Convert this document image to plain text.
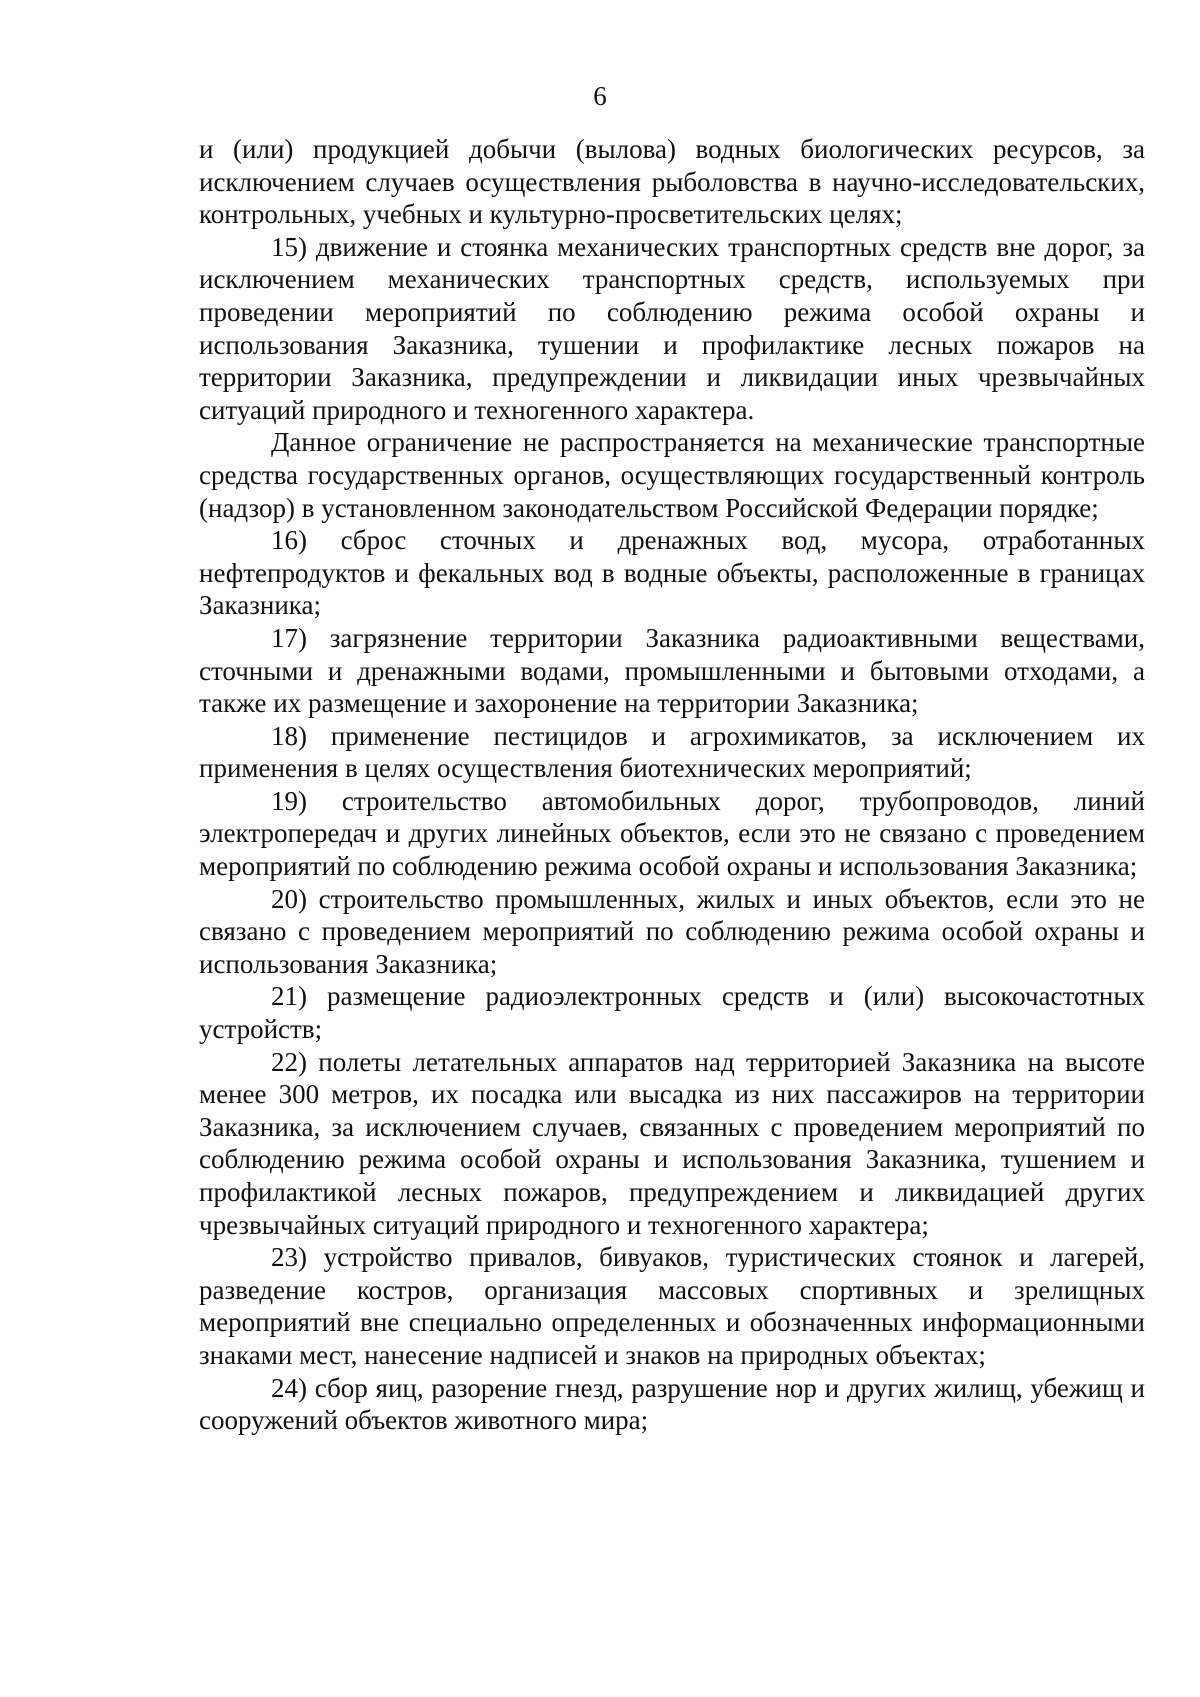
6

и (или) продукцией добычи (вылова) водных биологических ресурсов, за исключением случаев осуществления рыболовства в научно-исследовательских, контрольных, учебных и культурно-просветительских целях;

15) движение и стоянка механических транспортных средств вне дорог, за исключением механических транспортных средств, используемых при проведении мероприятий по соблюдению режима особой охраны и использования Заказника, тушении и профилактике лесных пожаров на территории Заказника, предупреждении и ликвидации иных чрезвычайных ситуаций природного и техногенного характера.

Данное ограничение не распространяется на механические транспортные средства государственных органов, осуществляющих государственный контроль (надзор) в установленном законодательством Российской Федерации порядке;

16) сброс сточных и дренажных вод, мусора, отработанных нефтепродуктов и фекальных вод в водные объекты, расположенные в границах Заказника;

17) загрязнение территории Заказника радиоактивными веществами, сточными и дренажными водами, промышленными и бытовыми отходами, а также их размещение и захоронение на территории Заказника;

18) применение пестицидов и агрохимикатов, за исключением их применения в целях осуществления биотехнических мероприятий;

19) строительство автомобильных дорог, трубопроводов, линий электропередач и других линейных объектов, если это не связано с проведением мероприятий по соблюдению режима особой охраны и использования Заказника;

20) строительство промышленных, жилых и иных объектов, если это не связано с проведением мероприятий по соблюдению режима особой охраны и использования Заказника;

21) размещение радиоэлектронных средств и (или) высокочастотных устройств;

22) полеты летательных аппаратов над территорией Заказника на высоте менее 300 метров, их посадка или высадка из них пассажиров на территории Заказника, за исключением случаев, связанных с проведением мероприятий по соблюдению режима особой охраны и использования Заказника, тушением и профилактикой лесных пожаров, предупреждением и ликвидацией других чрезвычайных ситуаций природного и техногенного характера;

23) устройство привалов, бивуаков, туристических стоянок и лагерей, разведение костров, организация массовых спортивных и зрелищных мероприятий вне специально определенных и обозначенных информационными знаками мест, нанесение надписей и знаков на природных объектах;

24) сбор яиц, разорение гнезд, разрушение нор и других жилищ, убежищ и сооружений объектов животного мира;
